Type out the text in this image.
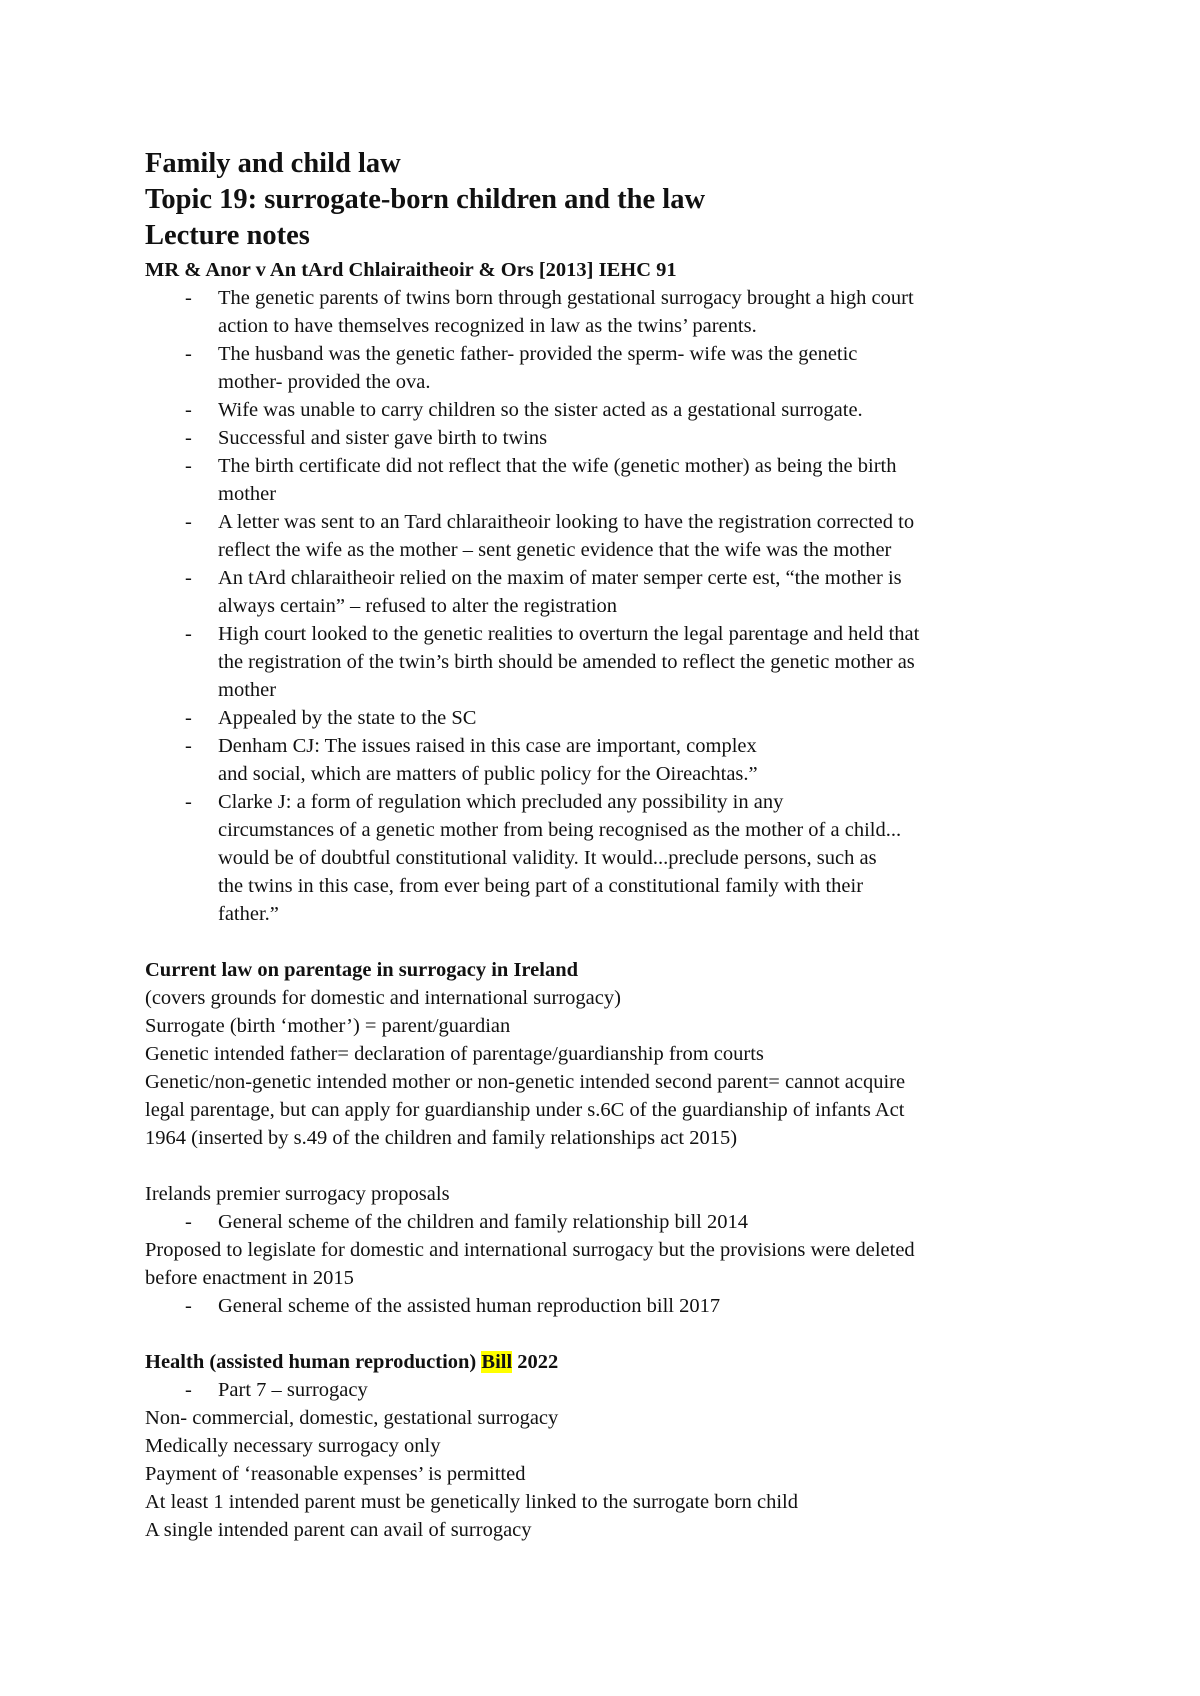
Family and child law
Topic 19: surrogate-born children and the law
Lecture notes
MR & Anor v An tArd Chlairaitheoir & Ors [2013] IEHC 91
- The genetic parents of twins born through gestational surrogacy brought a high court
action to have themselves recognized in law as the twins’ parents.
- The husband was the genetic father- provided the sperm- wife was the genetic
mother- provided the ova.
- Wife was unable to carry children so the sister acted as a gestational surrogate.
- Successful and sister gave birth to twins
- The birth certificate did not reflect that the wife (genetic mother) as being the birth
mother
- A letter was sent to an Tard chlaraitheoir looking to have the registration corrected to
reflect the wife as the mother – sent genetic evidence that the wife was the mother
- An tArd chlaraitheoir relied on the maxim of mater semper certe est, “the mother is
always certain” – refused to alter the registration
- High court looked to the genetic realities to overturn the legal parentage and held that
the registration of the twin’s birth should be amended to reflect the genetic mother as
mother
- Appealed by the state to the SC
- Denham CJ: The issues raised in this case are important, complex
and social, which are matters of public policy for the Oireachtas.”
- Clarke J: a form of regulation which precluded any possibility in any
circumstances of a genetic mother from being recognised as the mother of a child...
would be of doubtful constitutional validity. It would...preclude persons, such as
the twins in this case, from ever being part of a constitutional family with their
father.”
Current law on parentage in surrogacy in Ireland
(covers grounds for domestic and international surrogacy)
Surrogate (birth ‘mother’) = parent/guardian
Genetic intended father= declaration of parentage/guardianship from courts
Genetic/non-genetic intended mother or non-genetic intended second parent= cannot acquire
legal parentage, but can apply for guardianship under s.6C of the guardianship of infants Act
1964 (inserted by s.49 of the children and family relationships act 2015)
Irelands premier surrogacy proposals
- General scheme of the children and family relationship bill 2014
Proposed to legislate for domestic and international surrogacy but the provisions were deleted
before enactment in 2015
- General scheme of the assisted human reproduction bill 2017
Health (assisted human reproduction) Bill 2022
- Part 7 – surrogacy
Non- commercial, domestic, gestational surrogacy
Medically necessary surrogacy only
Payment of ‘reasonable expenses’ is permitted
At least 1 intended parent must be genetically linked to the surrogate born child
A single intended parent can avail of surrogacy
